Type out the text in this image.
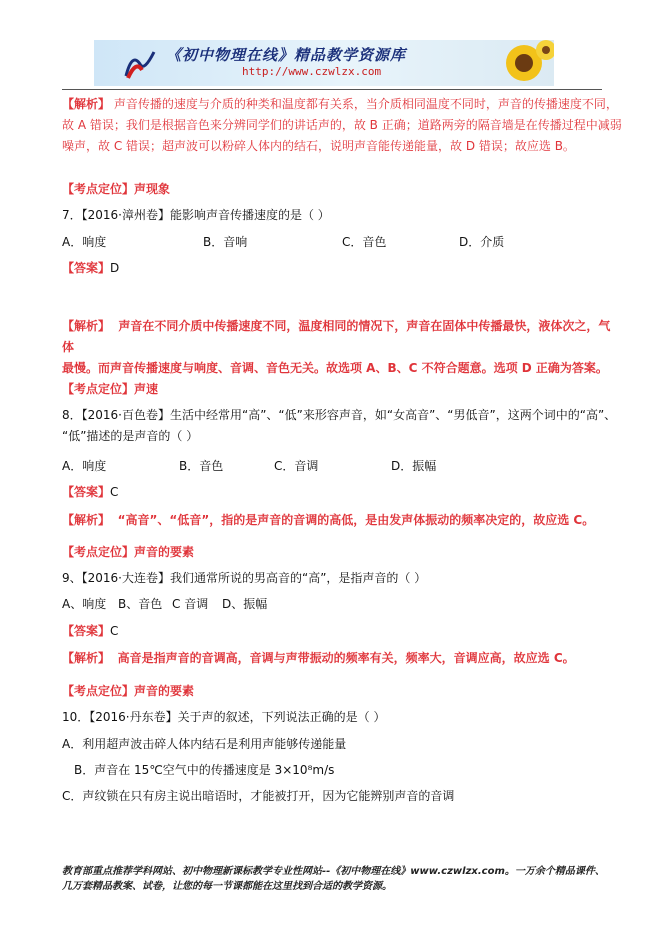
《初中物理在线》精品教学资源库
http://www.czwlzx.com
【解析】 声音传播的速度与介质的种类和温度都有关系，当介质相同温度不同时，声音的传播速度不同，
故 A 错误；我们是根据音色来分辨同学们的讲话声的，故 B 正确；道路两旁的隔音墙是在传播过程中减弱
噪声，故 C 错误；超声波可以粉碎人体内的结石，说明声音能传递能量，故 D 错误；故应选 B。
【考点定位】声现象
7．【2016·漳州卷】能影响声音传播速度的是（ ）
A．响度	B．音响	C．音色	D．介质
【答案】D
【解析】 声音在不同介质中传播速度不同，温度相同的情况下，声音在固体中传播最快，液体次之，气体
最慢。而声音传播速度与响度、音调、音色无关。故选项 A、B、C 不符合题意。选项 D 正确为答案。
【考点定位】声速
8．【2016·百色卷】生活中经常用“高”、“低”来形容声音，如“女高音”、“男低音”，这两个词中的“高”、
“低”描述的是声音的（ ）
A．响度	B．音色	C．音调	D．振幅
【答案】C
【解析】 “高音”、“低音”，指的是声音的音调的高低，是由发声体振动的频率决定的，故应选 C。
【考点定位】声音的要素
9、【2016·大连卷】我们通常所说的男高音的“高”，是指声音的（ ）
A、响度 B、音色 C 音调 D、振幅
【答案】C
【解析】 高音是指声音的音调高，音调与声带振动的频率有关，频率大，音调应高，故应选 C。
【考点定位】声音的要素
10．【2016·丹东卷】关于声的叙述，下列说法正确的是（ ）
A．利用超声波击碎人体内结石是利用声能够传递能量
B．声音在 15℃空气中的传播速度是 3×10⁸m/s
C．声纹锁在只有房主说出暗语时，才能被打开，因为它能辨别声音的音调
教育部重点推荐学科网站、初中物理新课标教学专业性网站--《初中物理在线》www.czwlzx.com。一万余个精品课件、
几万套精品教案、试卷，让您的每一节课都能在这里找到合适的教学资源。
